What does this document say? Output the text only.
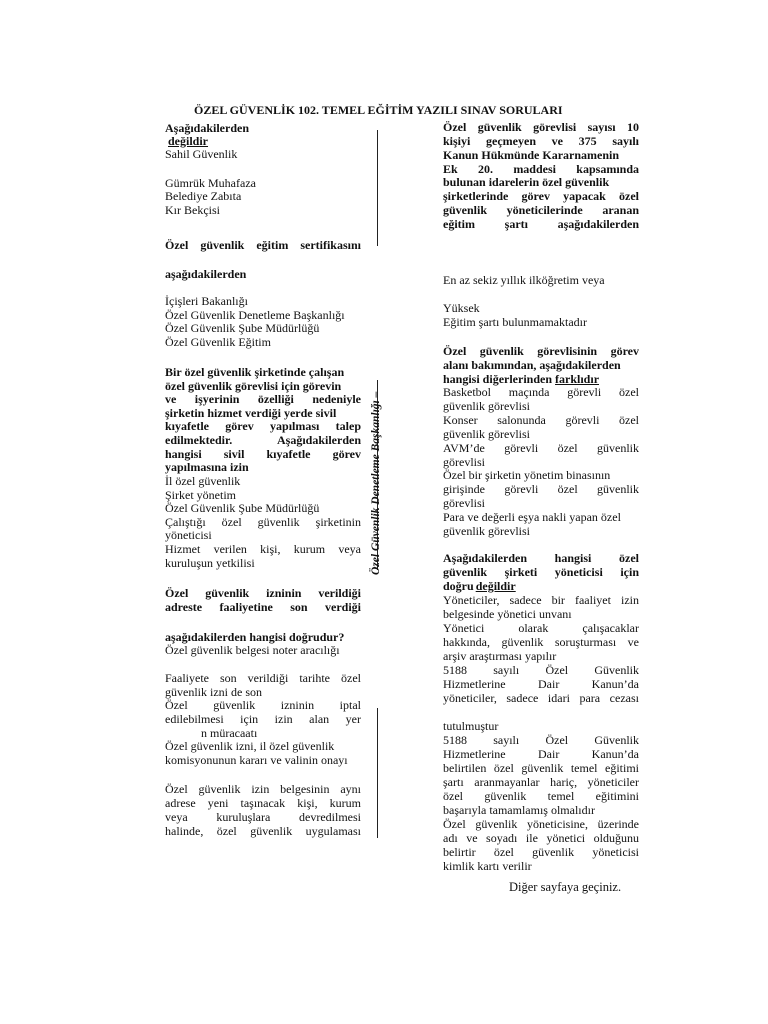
ÖZEL GÜVENLİK 102. TEMEL EĞİTİM YAZILI SINAV SORULARI
Özel Güvenlik Denetleme Başkanlığı –
Aşağıdakilerden
değildir
Sahil Güvenlik
Gümrük Muhafaza
Belediye Zabıta
Kır Bekçisi
Özel güvenlik eğitim sertifikasını
aşağıdakilerden
İçişleri Bakanlığı
Özel Güvenlik Denetleme Başkanlığı
Özel Güvenlik Şube Müdürlüğü
Özel Güvenlik Eğitim
Bir özel güvenlik şirketinde çalışan
özel güvenlik görevlisi için görevin
ve işyerinin özelliği nedeniyle
şirketin hizmet verdiği yerde sivil
kıyafetle görev yapılması talep
edilmektedir. Aşağıdakilerden
hangisi sivil kıyafetle görev
yapılmasına izin
İl özel güvenlik
Şirket yönetim
Özel Güvenlik Şube Müdürlüğü
Çalıştığı özel güvenlik şirketinin
yöneticisi
Hizmet verilen kişi, kurum veya
kuruluşun yetkilisi
Özel güvenlik izninin verildiği
adreste faaliyetine son verdiği
aşağıdakilerden hangisi doğrudur?
Özel güvenlik belgesi noter aracılığı
Faaliyete son verildiği tarihte özel
güvenlik izni de son
Özel güvenlik izninin iptal
edilebilmesi için izin alan yer
n müracaatı
Özel güvenlik izni, il özel güvenlik
komisyonunun kararı ve valinin onayı
Özel güvenlik izin belgesinin aynı
adrese yeni taşınacak kişi, kurum
veya kuruluşlara devredilmesi
halinde, özel güvenlik uygulaması
Özel güvenlik görevlisi sayısı 10
kişiyi geçmeyen ve 375 sayılı
Kanun Hükmünde Kararnamenin
Ek 20. maddesi kapsamında
bulunan idarelerin özel güvenlik
şirketlerinde görev yapacak özel
güvenlik yöneticilerinde aranan
eğitim şartı aşağıdakilerden
En az sekiz yıllık ilköğretim veya
Yüksek
Eğitim şartı bulunmamaktadır
Özel güvenlik görevlisinin görev
alanı bakımından, aşağıdakilerden
hangisi diğerlerinden farklıdır
Basketbol maçında görevli özel
güvenlik görevlisi
Konser salonunda görevli özel
güvenlik görevlisi
AVM’de görevli özel güvenlik
görevlisi
Özel bir şirketin yönetim binasının
girişinde görevli özel güvenlik
görevlisi
Para ve değerli eşya nakli yapan özel
güvenlik görevlisi
Aşağıdakilerden hangisi özel
güvenlik şirketi yöneticisi için
doğru değildir
Yöneticiler, sadece bir faaliyet izin
belgesinde yönetici unvanı
Yönetici olarak çalışacaklar
hakkında, güvenlik soruşturması ve
arşiv araştırması yapılır
5188 sayılı Özel Güvenlik
Hizmetlerine Dair Kanun’da
yöneticiler, sadece idari para cezası
tutulmuştur
5188 sayılı Özel Güvenlik
Hizmetlerine Dair Kanun’da
belirtilen özel güvenlik temel eğitimi
şartı aranmayanlar hariç, yöneticiler
özel güvenlik temel eğitimini
başarıyla tamamlamış olmalıdır
Özel güvenlik yöneticisine, üzerinde
adı ve soyadı ile yönetici olduğunu
belirtir özel güvenlik yöneticisi
kimlik kartı verilir
Diğer sayfaya geçiniz.
